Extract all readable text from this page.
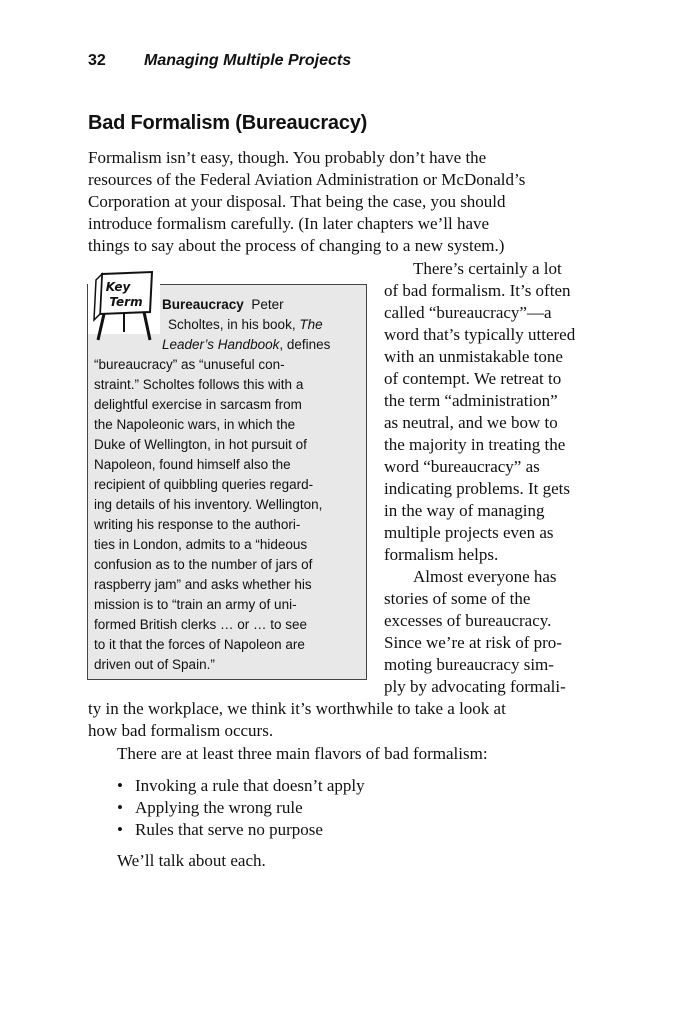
32 Managing Multiple Projects
Bad Formalism (Bureaucracy)
Formalism isn’t easy, though. You probably don’t have the
resources of the Federal Aviation Administration or McDonald’s
Corporation at your disposal. That being the case, you should
introduce formalism carefully. (In later chapters we’ll have
things to say about the process of changing to a new system.)
Bureaucracy Peter
Scholtes, in his book, The
Leader’s Handbook, defines
“bureaucracy” as “unuseful con-
straint.” Scholtes follows this with a
delightful exercise in sarcasm from
the Napoleonic wars, in which the
Duke of Wellington, in hot pursuit of
Napoleon, found himself also the
recipient of quibbling queries regard-
ing details of his inventory. Wellington,
writing his response to the authori-
ties in London, admits to a “hideous
confusion as to the number of jars of
raspberry jam” and asks whether his
mission is to “train an army of uni-
formed British clerks … or … to see
to it that the forces of Napoleon are
driven out of Spain.”
Key
Term
There’s certainly a lot
of bad formalism. It’s often
called “bureaucracy”—a
word that’s typically uttered
with an unmistakable tone
of contempt. We retreat to
the term “administration”
as neutral, and we bow to
the majority in treating the
word “bureaucracy” as
indicating problems. It gets
in the way of managing
multiple projects even as
formalism helps.
Almost everyone has
stories of some of the
excesses of bureaucracy.
Since we’re at risk of pro-
moting bureaucracy sim-
ply by advocating formali-
ty in the workplace, we think it’s worthwhile to take a look at
how bad formalism occurs.
There are at least three main flavors of bad formalism:
• Invoking a rule that doesn’t apply
• Applying the wrong rule
• Rules that serve no purpose
We’ll talk about each.
